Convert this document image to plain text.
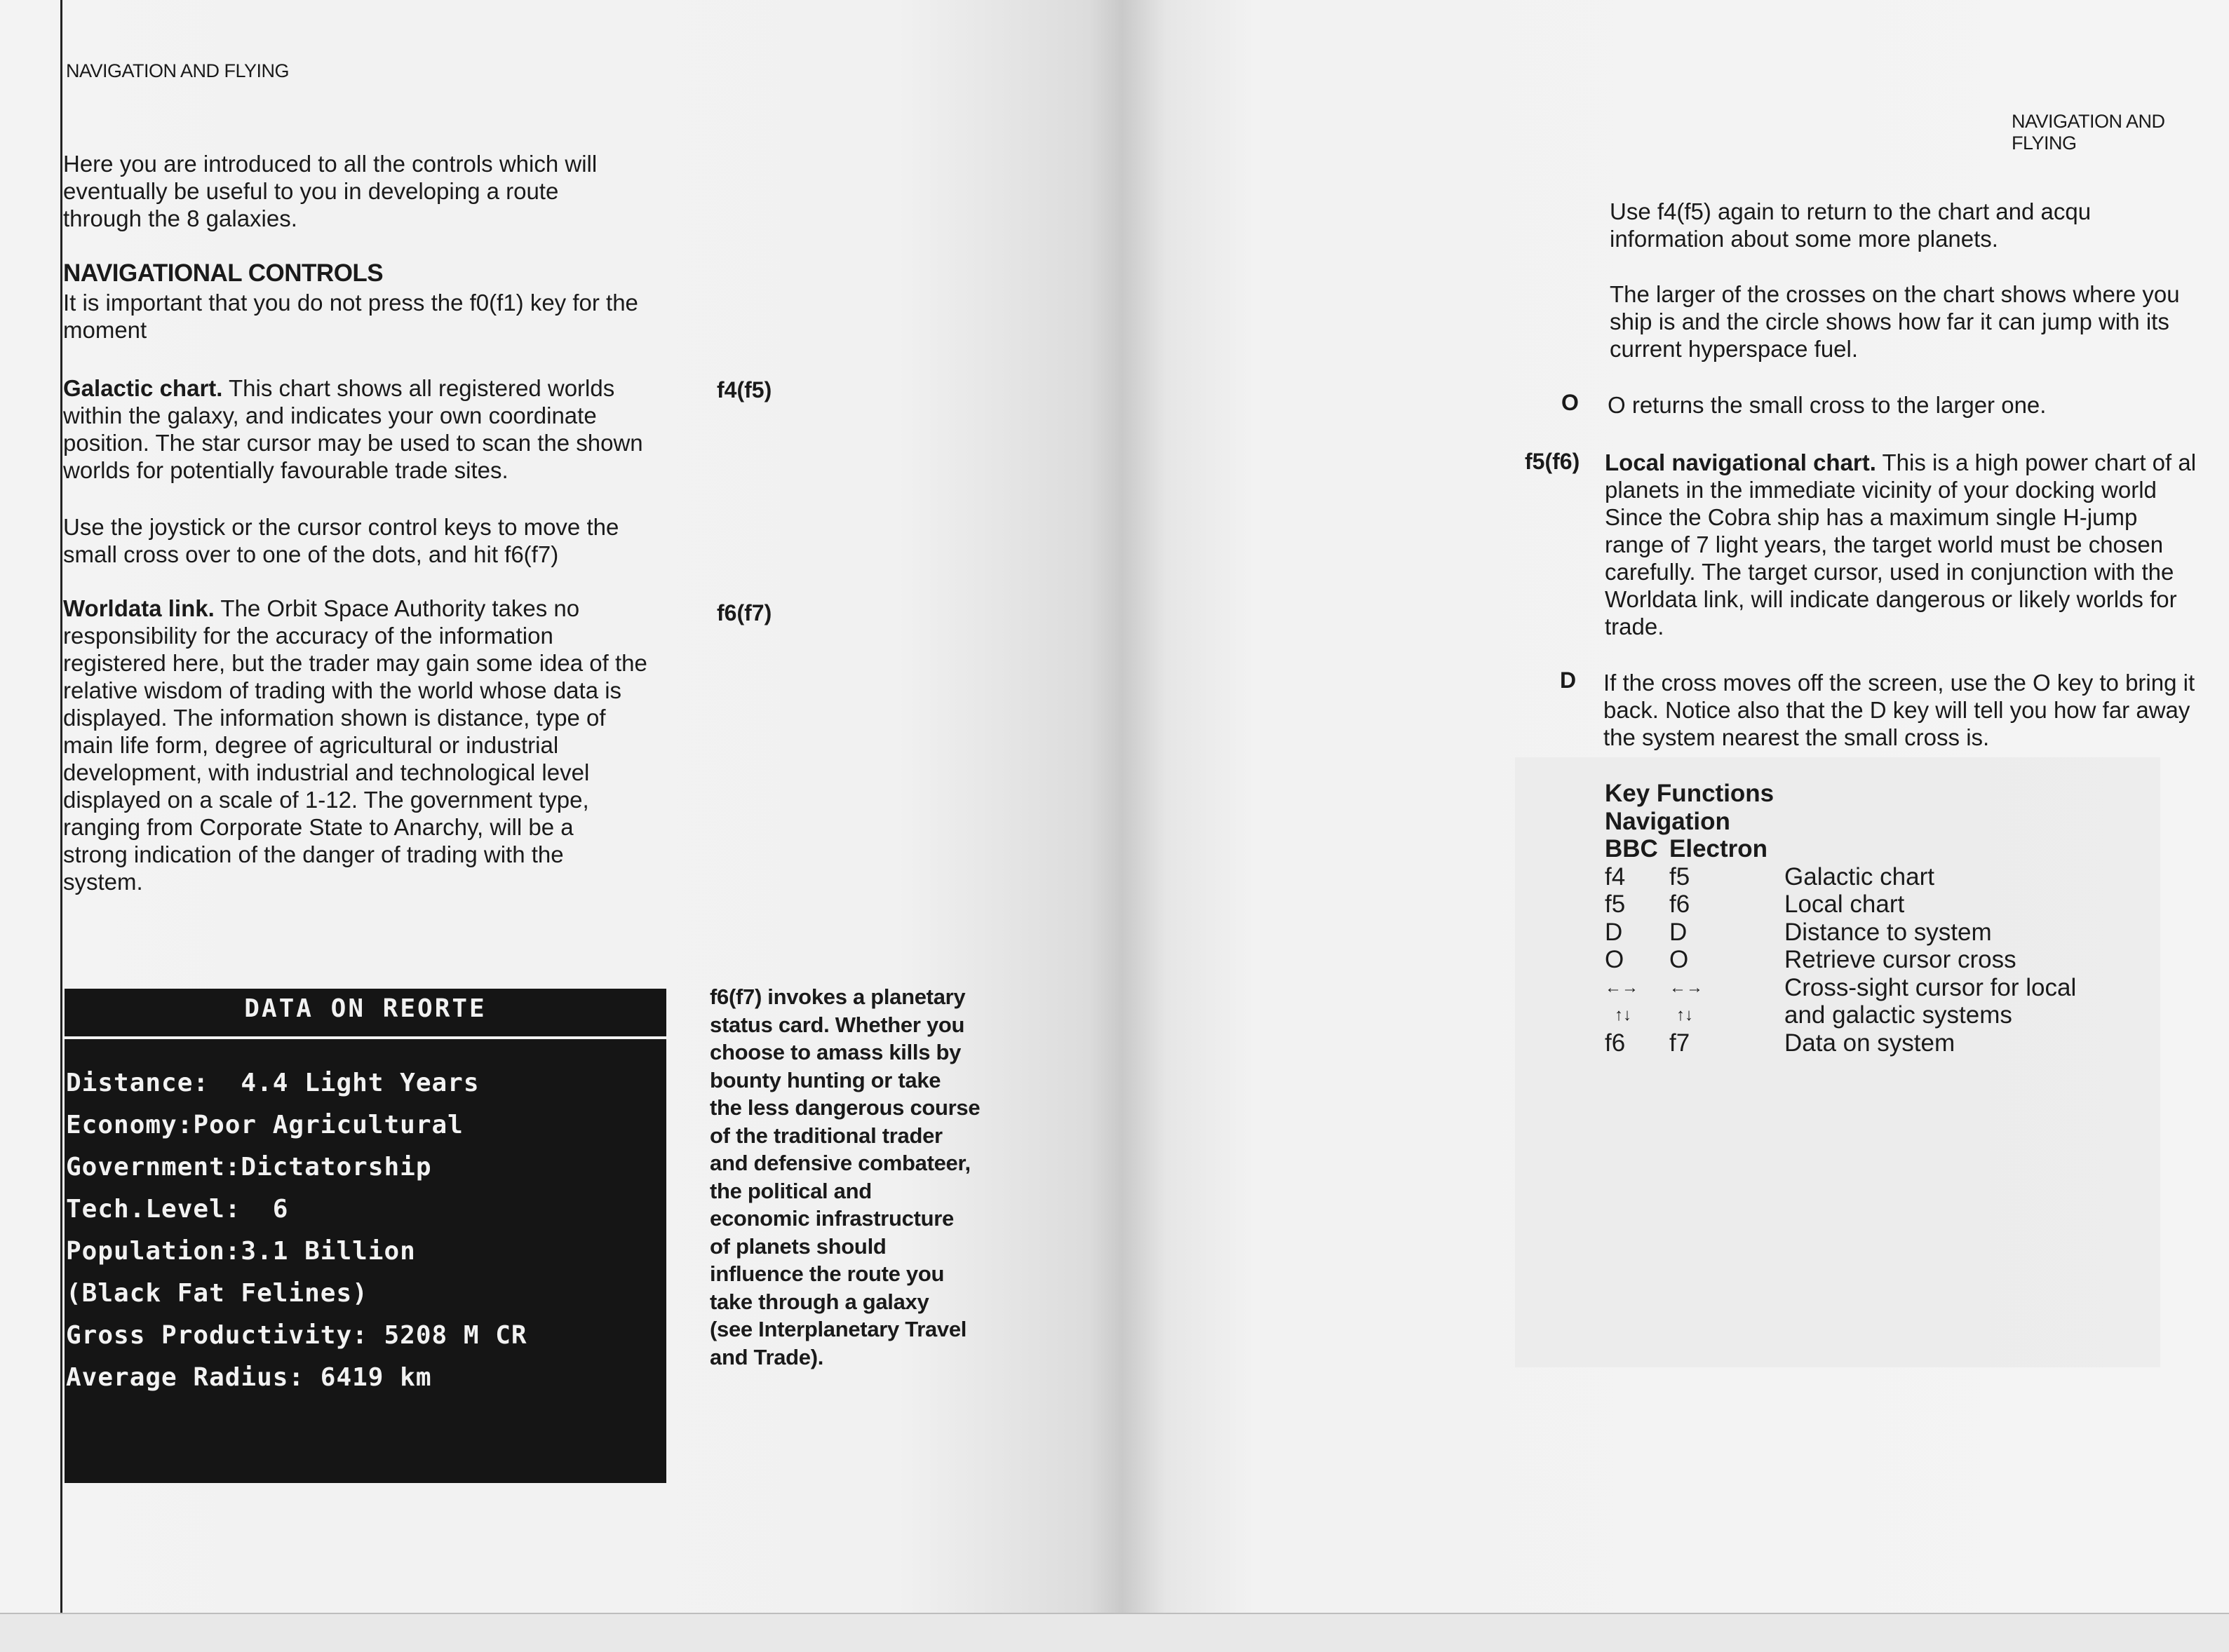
NAVIGATION AND FLYING
Here you are introduced to all the controls which will
eventually be useful to you in developing a route
through the 8 galaxies.
NAVIGATIONAL CONTROLS
It is important that you do not press the f0(f1) key for the
moment
Galactic chart. This chart shows all registered worlds
within the galaxy, and indicates your own coordinate
position. The star cursor may be used to scan the shown
worlds for potentially favourable trade sites.
f4(f5)
Use the joystick or the cursor control keys to move the
small cross over to one of the dots, and hit f6(f7)
Worldata link. The Orbit Space Authority takes no
responsibility for the accuracy of the information
registered here, but the trader may gain some idea of the
relative wisdom of trading with the world whose data is
displayed. The information shown is distance, type of
main life form, degree of agricultural or industrial
development, with industrial and technological level
displayed on a scale of 1-12. The government type,
ranging from Corporate State to Anarchy, will be a
strong indication of the danger of trading with the
system.
f6(f7)
DATA ON REORTE
Distance:  4.4 Light Years
Economy:Poor Agricultural
Government:Dictatorship
Tech.Level:  6
Population:3.1 Billion
(Black Fat Felines)
Gross Productivity: 5208 M CR
Average Radius: 6419 km
f6(f7) invokes a planetary
status card. Whether you
choose to amass kills by
bounty hunting or take
the less dangerous course
of the traditional trader
and defensive combateer,
the political and
economic infrastructure
of planets should
influence the route you
take through a galaxy
(see Interplanetary Travel
and Trade).
NAVIGATION AND FLYING
Use f4(f5) again to return to the chart and acqu
information about some more planets.
The larger of the crosses on the chart shows where you
ship is and the circle shows how far it can jump with its
current hyperspace fuel.
O O returns the small cross to the larger one.
f5(f6) Local navigational chart. This is a high power chart of al
planets in the immediate vicinity of your docking world
Since the Cobra ship has a maximum single H-jump
range of 7 light years, the target world must be chosen
carefully. The target cursor, used in conjunction with the
Worldata link, will indicate dangerous or likely worlds for
trade.
D If the cross moves off the screen, use the O key to bring it
back. Notice also that the D key will tell you how far away
the system nearest the small cross is.
Key Functions
Navigation
BBC Electron
f4 f5	Galactic chart
f5 f6	Local chart
D D	Distance to system
O O	Retrieve cursor cross
←→ ←→	Cross-sight cursor for local
↑↓	↑↓	and galactic systems
f6 f7	Data on system
